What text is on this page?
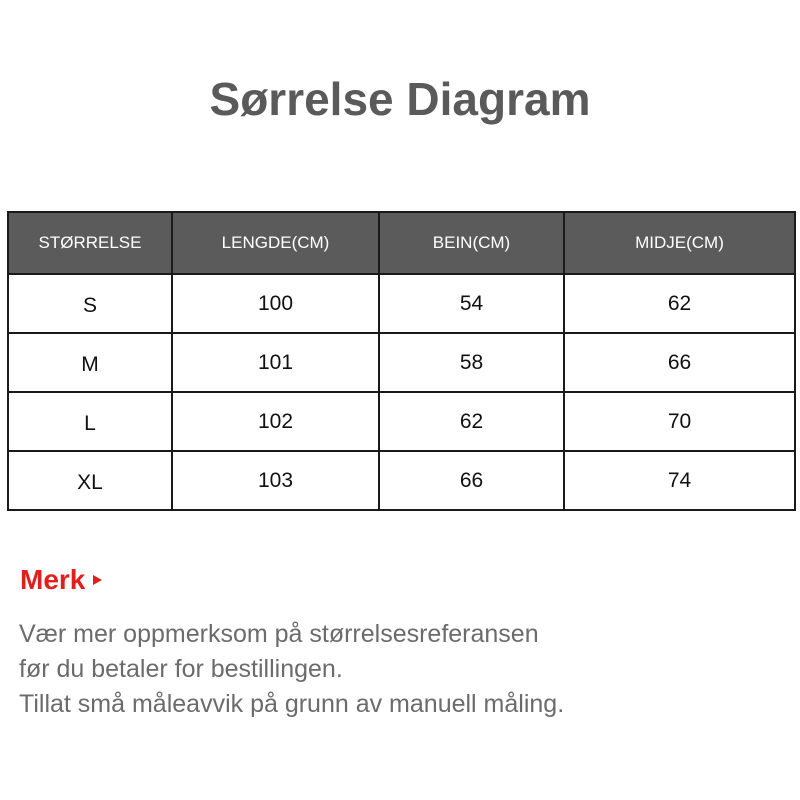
Sørrelse Diagram
STØRRELSE	LENGDE(CM)	BEIN(CM)	MIDJE(CM)
S	100	54	62
M	101	58	66
L	102	62	70
XL	103	66	74
Merk
Vær mer oppmerksom på størrelsesreferansen
før du betaler for bestillingen.
Tillat små måleavvik på grunn av manuell måling.
